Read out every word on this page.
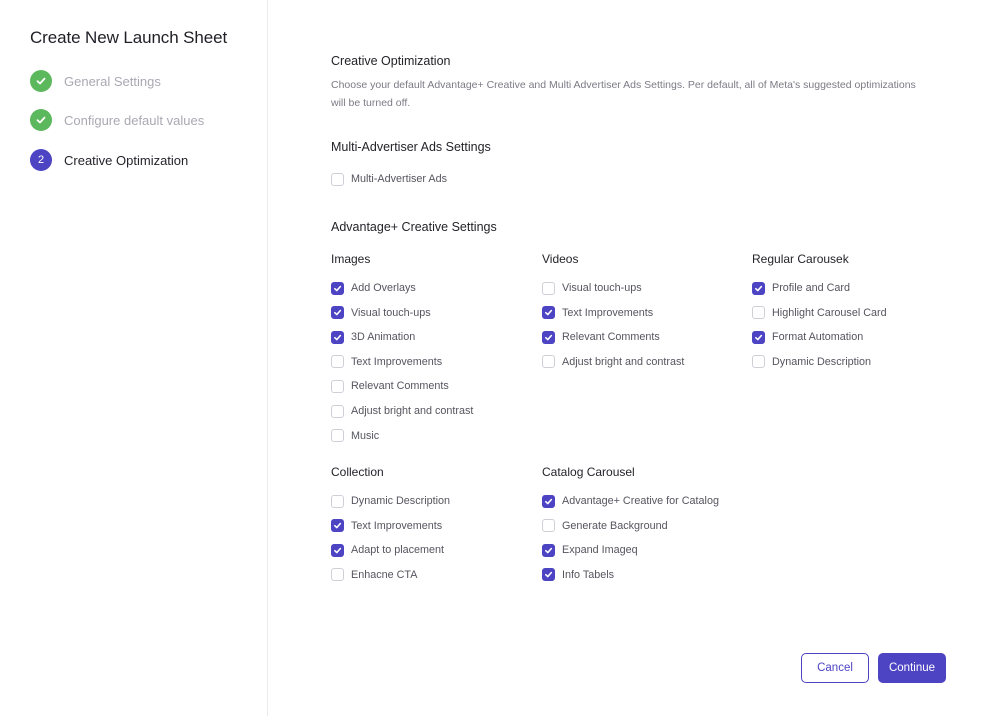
Create New Launch Sheet
General Settings
Configure default values
2	Creative Optimization
Creative Optimization
Choose your default Advantage+ Creative and Multi Advertiser Ads Settings. Per default, all of Meta's suggested optimizations will be turned off.
Multi-Advertiser Ads Settings
Multi-Advertiser Ads
Advantage+ Creative Settings
Images	Videos	Regular Carousek
Add Overlays
Visual touch-ups
3D Animation
Text Improvements
Relevant Comments
Adjust bright and contrast
Music
Visual touch-ups
Text Improvements
Relevant Comments
Adjust bright and contrast
Profile and Card
Highlight Carousel Card
Format Automation
Dynamic Description
Collection	Catalog Carousel
Dynamic Description
Text Improvements
Adapt to placement
Enhacne CTA
Advantage+ Creative for Catalog
Generate Background
Expand Imageq
Info Tabels
Cancel	Continue
